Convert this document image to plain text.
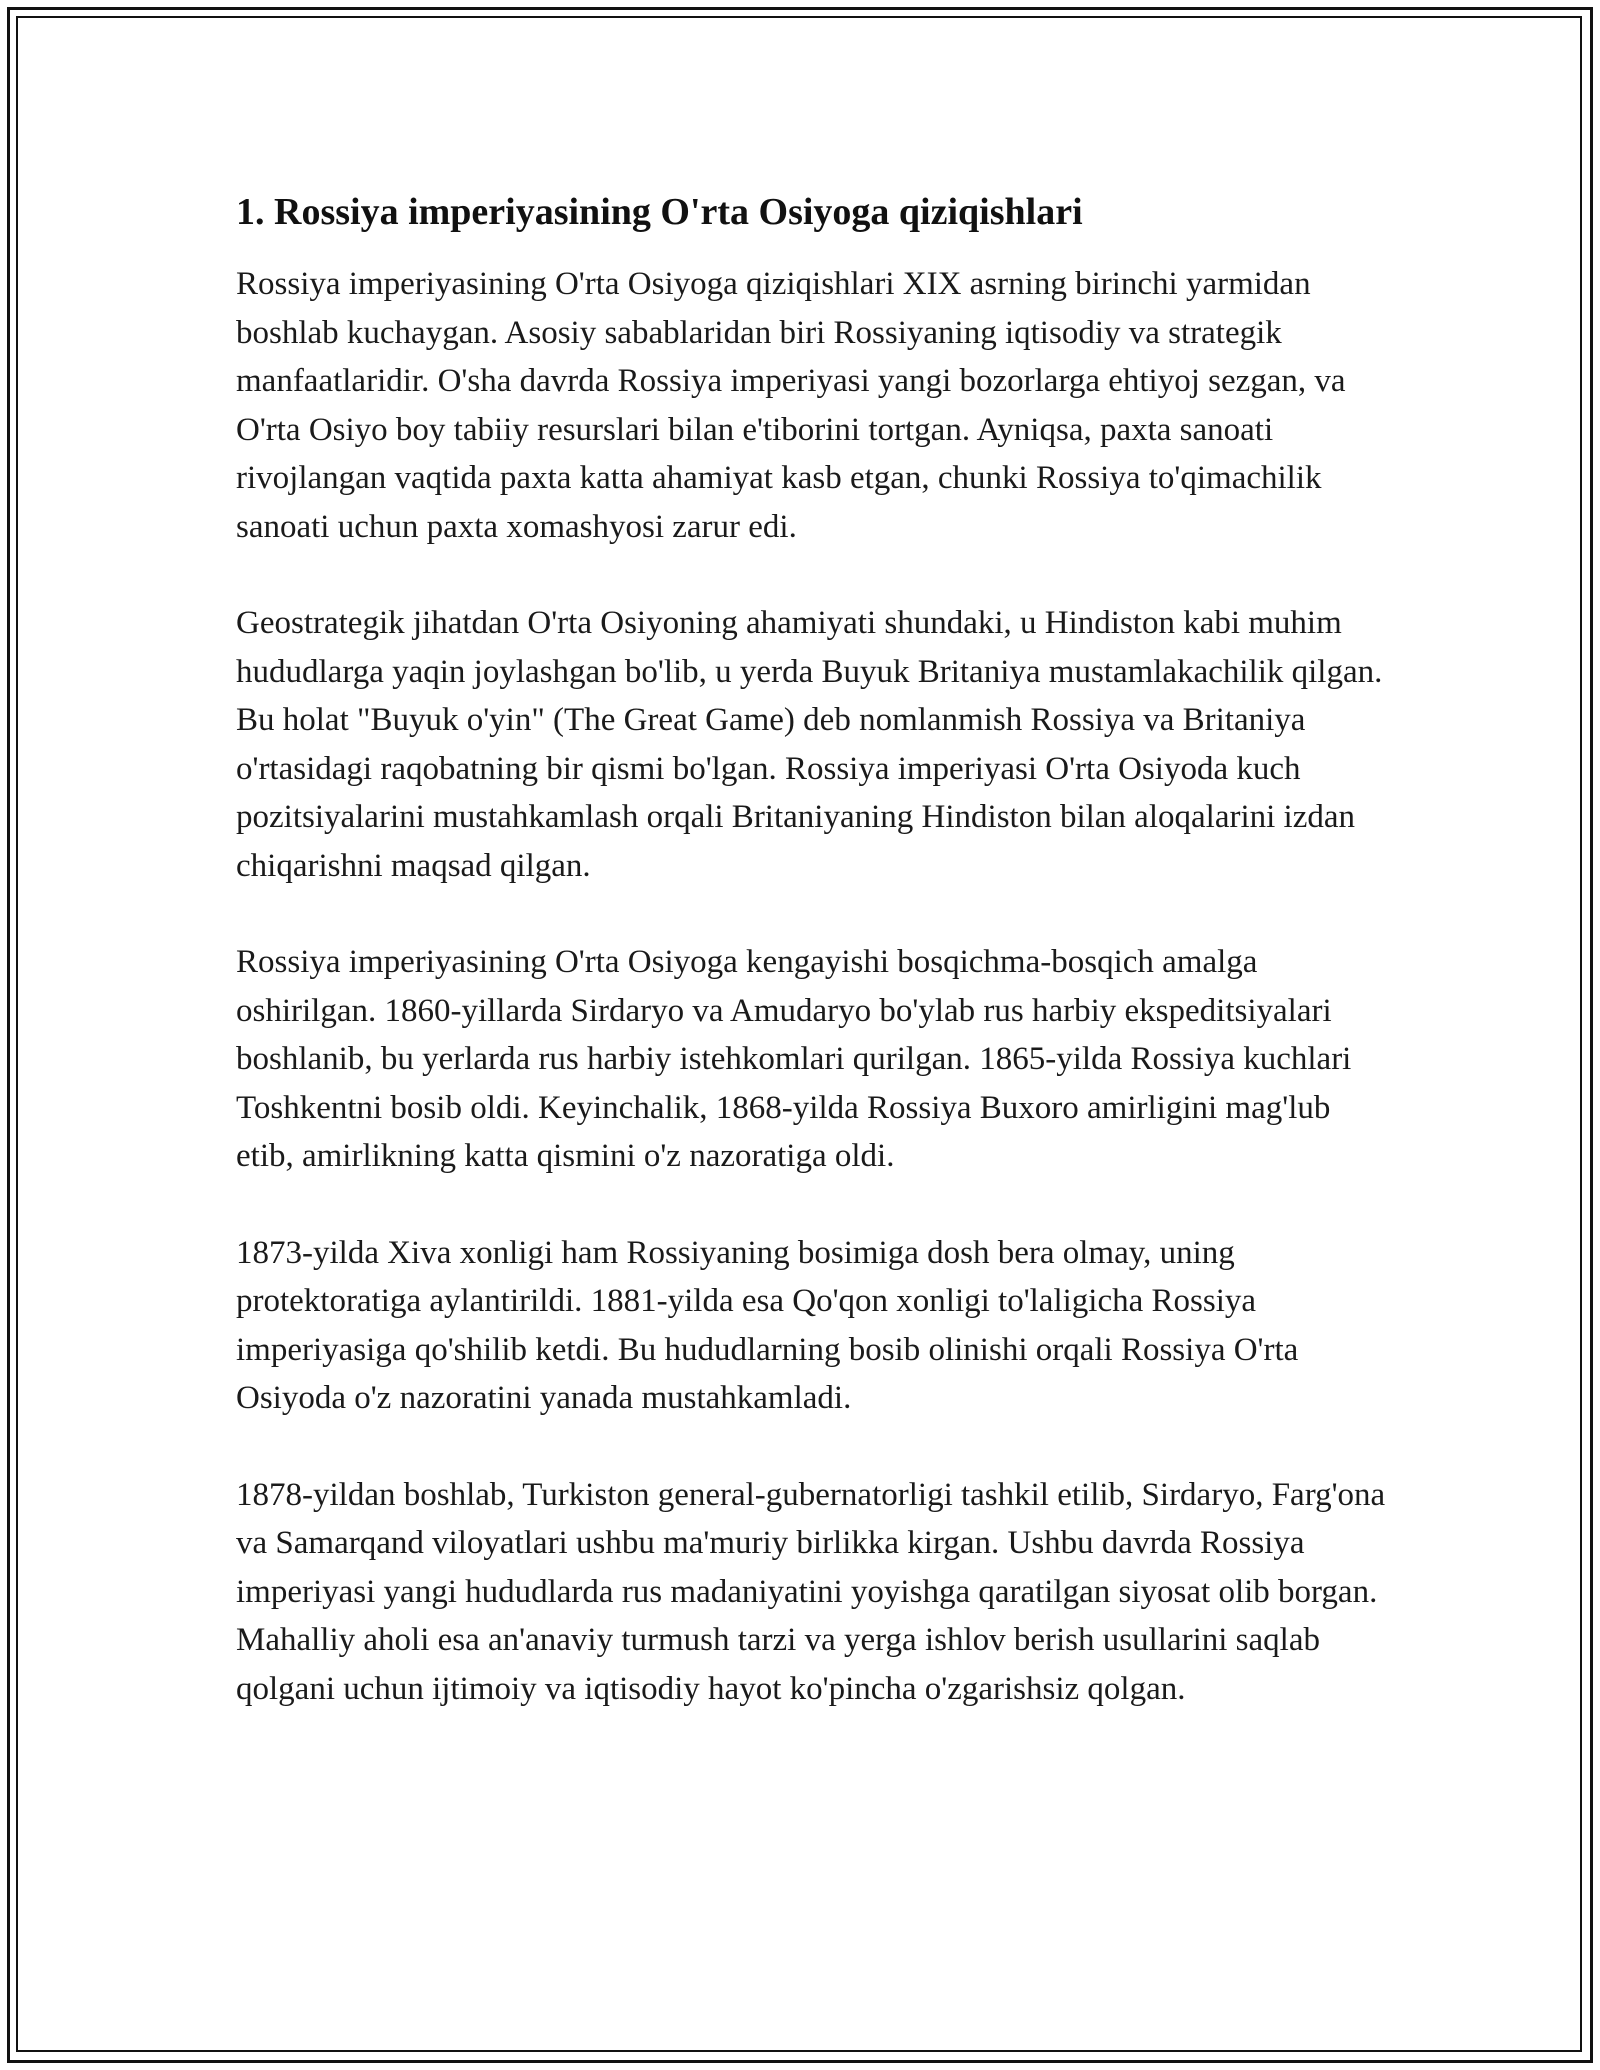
1. Rossiya imperiyasining O'rta Osiyoga qiziqishlari

Rossiya imperiyasining O'rta Osiyoga qiziqishlari XIX asrning birinchi yarmidan boshlab kuchaygan. Asosiy sabablaridan biri Rossiyaning iqtisodiy va strategik manfaatlaridir. O'sha davrda Rossiya imperiyasi yangi bozorlarga ehtiyoj sezgan, va O'rta Osiyo boy tabiiy resurslari bilan e'tiborini tortgan. Ayniqsa, paxta sanoati rivojlangan vaqtida paxta katta ahamiyat kasb etgan, chunki Rossiya to'qimachilik sanoati uchun paxta xomashyosi zarur edi.

Geostrategik jihatdan O'rta Osiyoning ahamiyati shundaki, u Hindiston kabi muhim hududlarga yaqin joylashgan bo'lib, u yerda Buyuk Britaniya mustamlakachilik qilgan. Bu holat "Buyuk o'yin" (The Great Game) deb nomlanmish Rossiya va Britaniya o'rtasidagi raqobatning bir qismi bo'lgan. Rossiya imperiyasi O'rta Osiyoda kuch pozitsiyalarini mustahkamlash orqali Britaniyaning Hindiston bilan aloqalarini izdan chiqarishni maqsad qilgan.

Rossiya imperiyasining O'rta Osiyoga kengayishi bosqichma-bosqich amalga oshirilgan. 1860-yillarda Sirdaryo va Amudaryo bo'ylab rus harbiy ekspeditsiyalari boshlanib, bu yerlarda rus harbiy istehkomlari qurilgan. 1865-yilda Rossiya kuchlari Toshkentni bosib oldi. Keyinchalik, 1868-yilda Rossiya Buxoro amirligini mag'lub etib, amirlikning katta qismini o'z nazoratiga oldi.

1873-yilda Xiva xonligi ham Rossiyaning bosimiga dosh bera olmay, uning protektoratiga aylantirildi. 1881-yilda esa Qo'qon xonligi to'laligicha Rossiya imperiyasiga qo'shilib ketdi. Bu hududlarning bosib olinishi orqali Rossiya O'rta Osiyoda o'z nazoratini yanada mustahkamladi.

1878-yildan boshlab, Turkiston general-gubernatorligi tashkil etilib, Sirdaryo, Farg'ona va Samarqand viloyatlari ushbu ma'muriy birlikka kirgan. Ushbu davrda Rossiya imperiyasi yangi hududlarda rus madaniyatini yoyishga qaratilgan siyosat olib borgan. Mahalliy aholi esa an'anaviy turmush tarzi va yerga ishlov berish usullarini saqlab qolgani uchun ijtimoiy va iqtisodiy hayot ko'pincha o'zgarishsiz qolgan.
